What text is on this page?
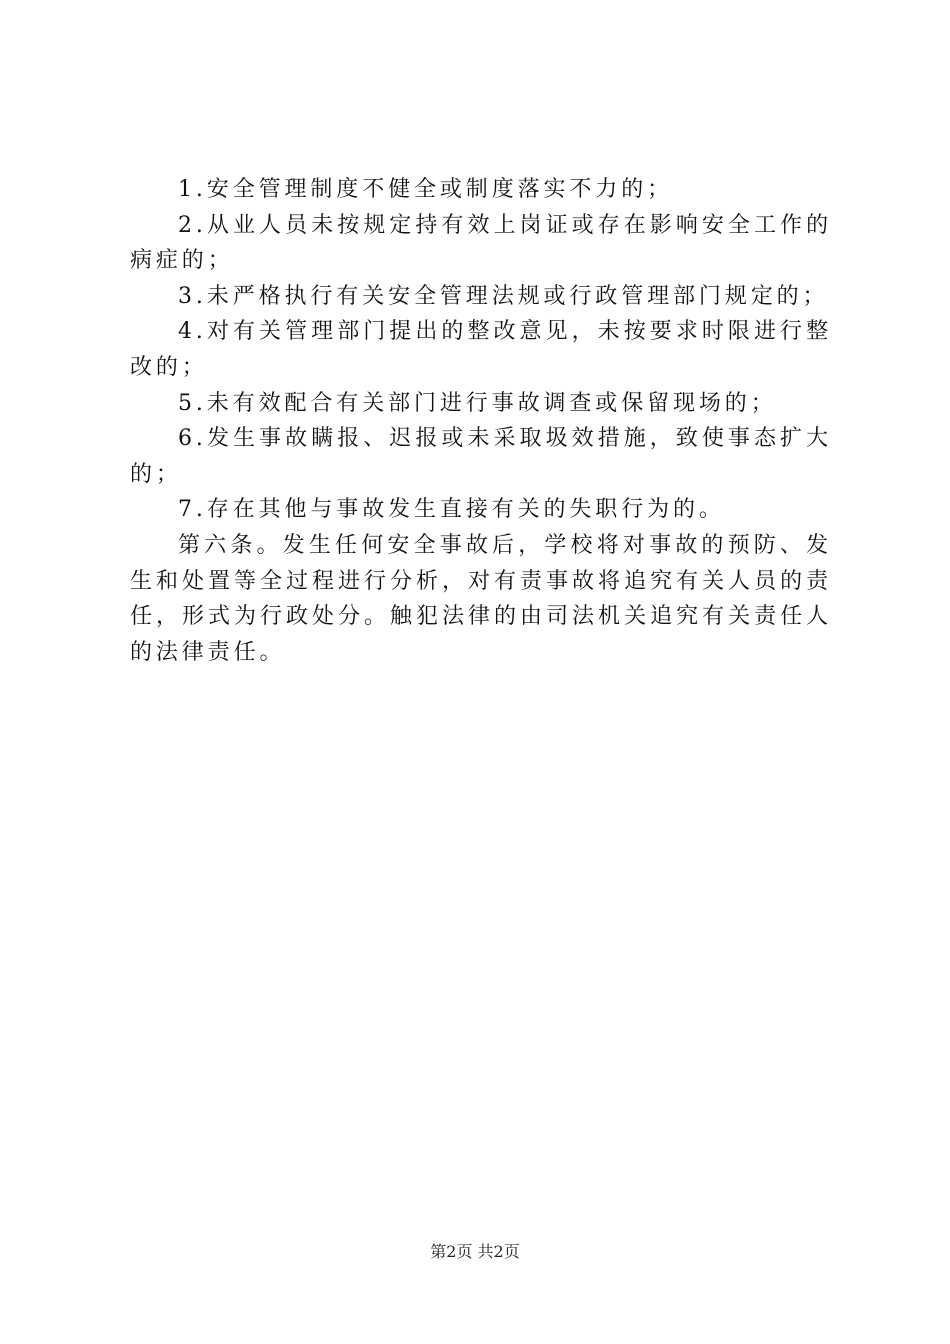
1.安全管理制度不健全或制度落实不力的；

2.从业人员未按规定持有效上岗证或存在影响安全工作的病症的；

3.未严格执行有关安全管理法规或行政管理部门规定的；

4.对有关管理部门提出的整改意见，未按要求时限进行整改的；

5.未有效配合有关部门进行事故调查或保留现场的；

6.发生事故瞒报、迟报或未采取圾效措施，致使事态扩大的；

7.存在其他与事故发生直接有关的失职行为的。

第六条。发生任何安全事故后，学校将对事故的预防、发生和处置等全过程进行分析，对有责事故将追究有关人员的责任，形式为行政处分。触犯法律的由司法机关追究有关责任人的法律责任。

第2页 共2页
